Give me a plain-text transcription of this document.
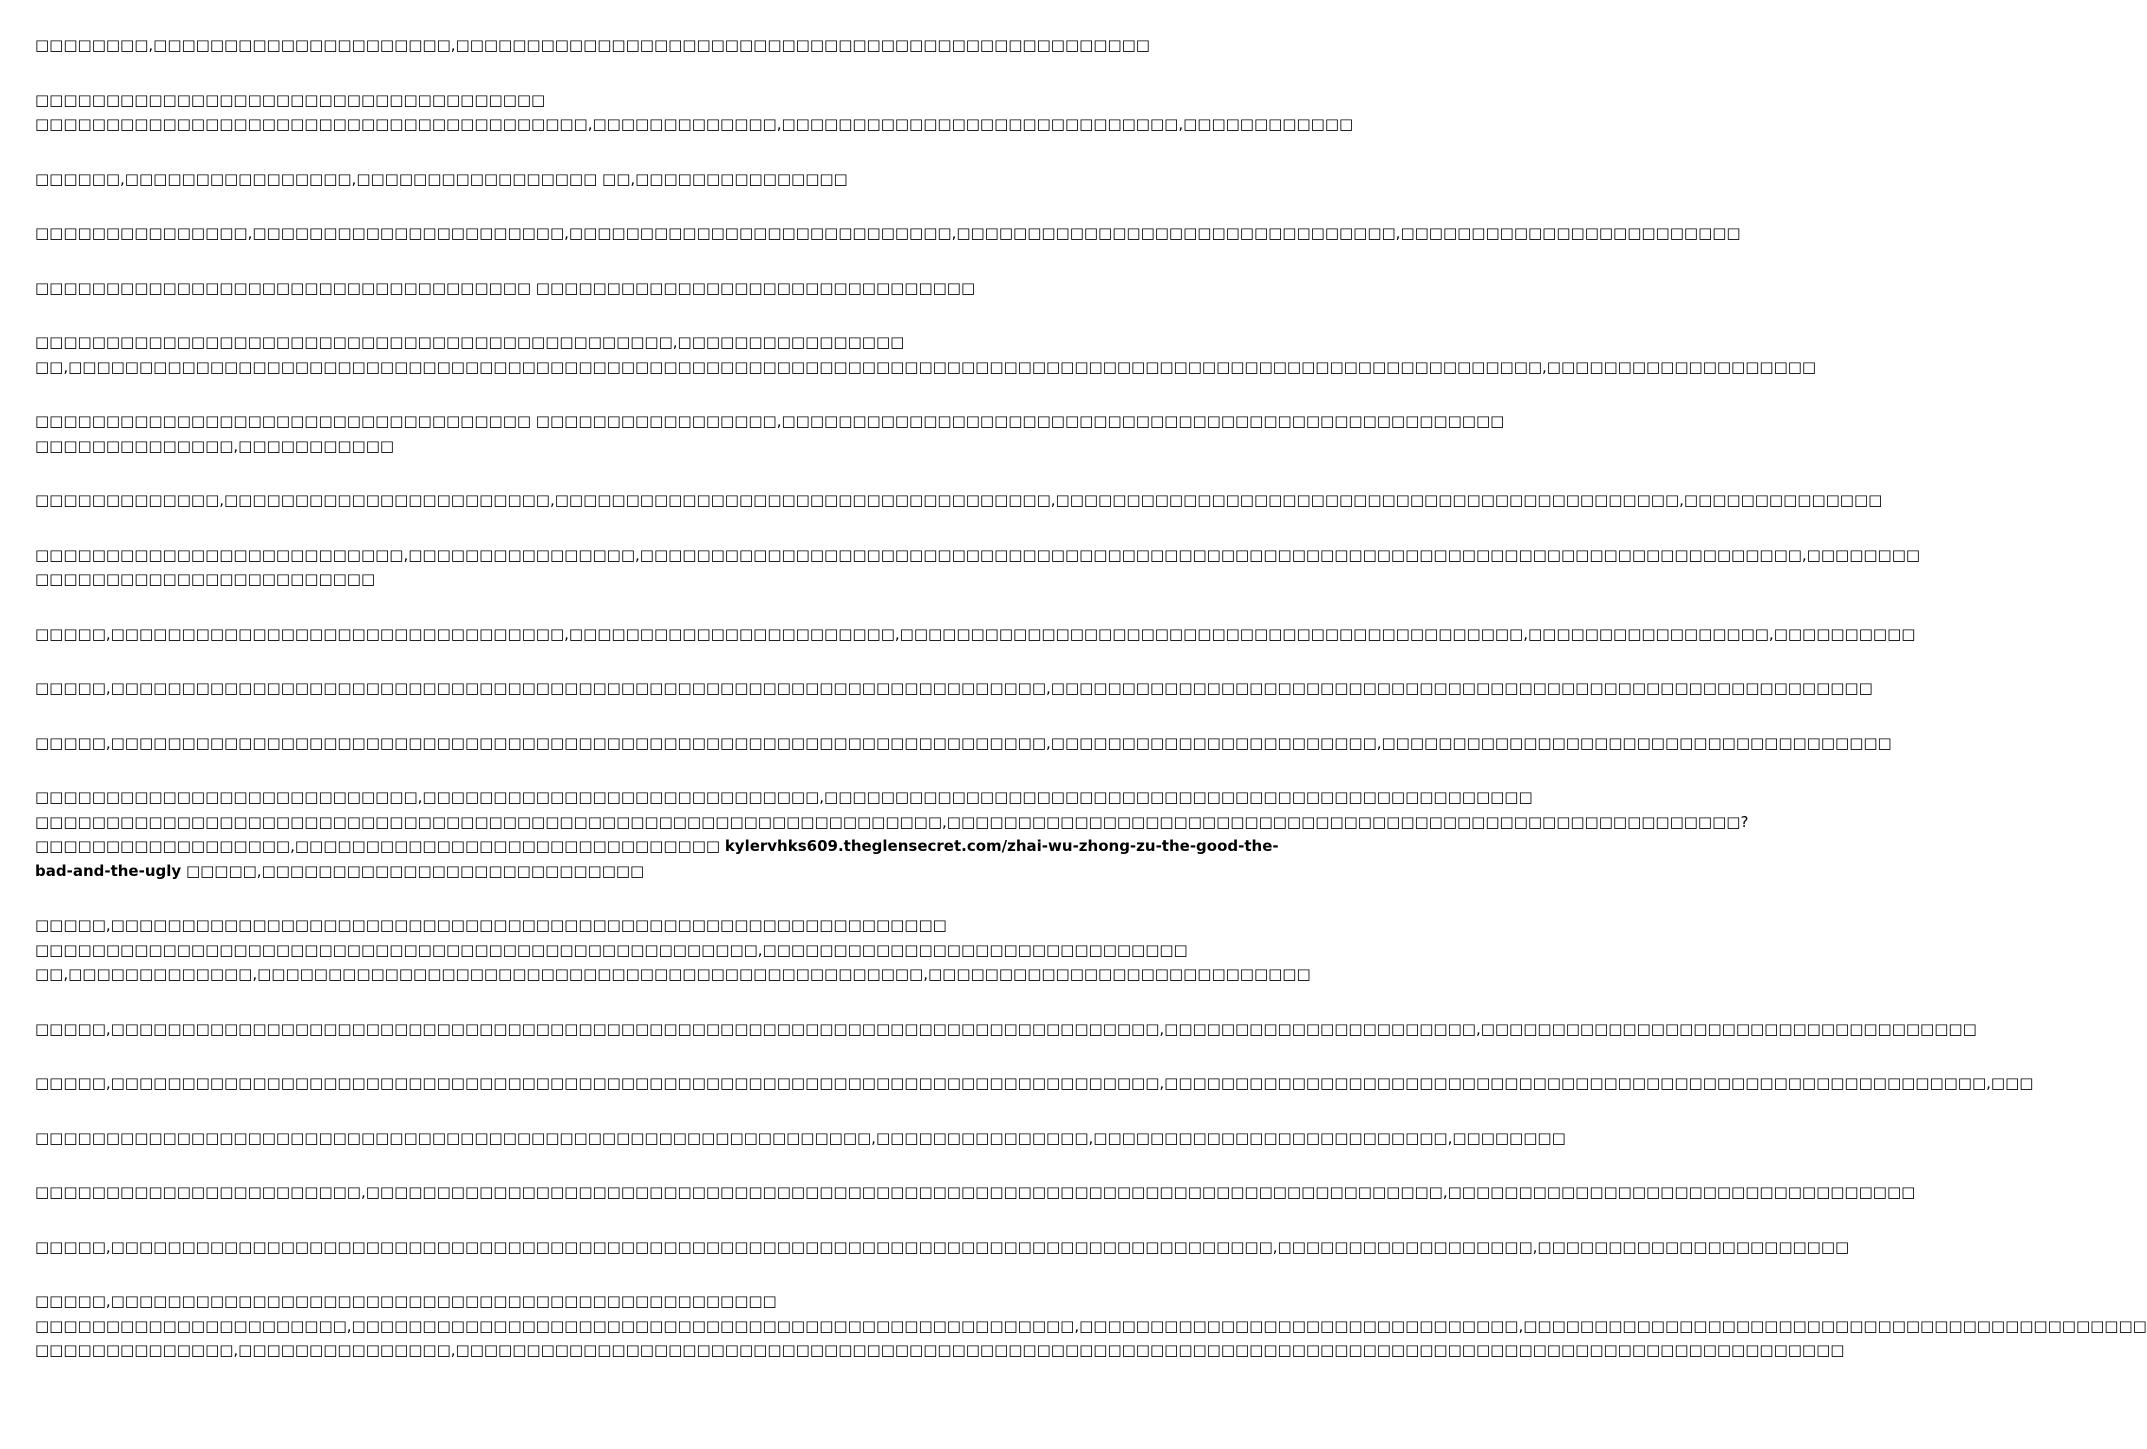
□□□□□□□□,□□□□□□□□□□□□□□□□□□□□□,□□□□□□□□□□□□□□□□□□□□□□□□□□□□□□□□□□□□□□□□□□□□□□□□□
□□□□□□□□□□□□□□□□□□□□□□□□□□□□□□□□□□□□
□□□□□□□□□□□□□□□□□□□□□□□□□□□□□□□□□□□□□□□,□□□□□□□□□□□□□,□□□□□□□□□□□□□□□□□□□□□□□□□□□□,□□□□□□□□□□□□
□□□□□□,□□□□□□□□□□□□□□□□,□□□□□□□□□□□□□□□□□ □□,□□□□□□□□□□□□□□□
□□□□□□□□□□□□□□□,□□□□□□□□□□□□□□□□□□□□□□,□□□□□□□□□□□□□□□□□□□□□□□□□□□,□□□□□□□□□□□□□□□□□□□□□□□□□□□□□□□,□□□□□□□□□□□□□□□□□□□□□□□□
□□□□□□□□□□□□□□□□□□□□□□□□□□□□□□□□□□□ □□□□□□□□□□□□□□□□□□□□□□□□□□□□□□□
□□□□□□□□□□□□□□□□□□□□□□□□□□□□□□□□□□□□□□□□□□□□□,□□□□□□□□□□□□□□□□
□□,□□□□□□□□□□□□□□□□□□□□□□□□□□□□□□□□□□□□□□□□□□□□□□□□□□□□□□□□□□□□□□□□□□□□□□□□□□□□□□□□□□□□□□□□□□□□□□□□□□□□□□□□,□□□□□□□□□□□□□□□□□□□
□□□□□□□□□□□□□□□□□□□□□□□□□□□□□□□□□□□ □□□□□□□□□□□□□□□□□,□□□□□□□□□□□□□□□□□□□□□□□□□□□□□□□□□□□□□□□□□□□□□□□□□□□
□□□□□□□□□□□□□□,□□□□□□□□□□□
□□□□□□□□□□□□□,□□□□□□□□□□□□□□□□□□□□□□□,□□□□□□□□□□□□□□□□□□□□□□□□□□□□□□□□□□□,□□□□□□□□□□□□□□□□□□□□□□□□□□□□□□□□□□□□□□□□□□□□,□□□□□□□□□□□□□□
□□□□□□□□□□□□□□□□□□□□□□□□□□,□□□□□□□□□□□□□□□□,□□□□□□□□□□□□□□□□□□□□□□□□□□□□□□□□□□□□□□□□□□□□□□□□□□□□□□□□□□□□□□□□□□□□□□□□□□□□□□□□□□,□□□□□□□□
□□□□□□□□□□□□□□□□□□□□□□□□
□□□□□,□□□□□□□□□□□□□□□□□□□□□□□□□□□□□□□□,□□□□□□□□□□□□□□□□□□□□□□□,□□□□□□□□□□□□□□□□□□□□□□□□□□□□□□□□□□□□□□□□□□□□,□□□□□□□□□□□□□□□□□,□□□□□□□□□□
□□□□□,□□□□□□□□□□□□□□□□□□□□□□□□□□□□□□□□□□□□□□□□□□□□□□□□□□□□□□□□□□□□□□□□□□,□□□□□□□□□□□□□□□□□□□□□□□□□□□□□□□□□□□□□□□□□□□□□□□□□□□□□□□□□□
□□□□□,□□□□□□□□□□□□□□□□□□□□□□□□□□□□□□□□□□□□□□□□□□□□□□□□□□□□□□□□□□□□□□□□□□,□□□□□□□□□□□□□□□□□□□□□□□,□□□□□□□□□□□□□□□□□□□□□□□□□□□□□□□□□□□□
□□□□□□□□□□□□□□□□□□□□□□□□□□□,□□□□□□□□□□□□□□□□□□□□□□□□□□□□,□□□□□□□□□□□□□□□□□□□□□□□□□□□□□□□□□□□□□□□□□□□□□□□□□□
□□□□□□□□□□□□□□□□□□□□□□□□□□□□□□□□□□□□□□□□□□□□□□□□□□□□□□□□□□□□□□□□,□□□□□□□□□□□□□□□□□□□□□□□□□□□□□□□□□□□□□□□□□□□□□□□□□□□□□□□□?
□□□□□□□□□□□□□□□□□□,□□□□□□□□□□□□□□□□□□□□□□□□□□□□□□ kylervhks609.theglensecret.com/zhai-wu-zhong-zu-the-good-the-
bad-and-the-ugly □□□□□,□□□□□□□□□□□□□□□□□□□□□□□□□□□
□□□□□,□□□□□□□□□□□□□□□□□□□□□□□□□□□□□□□□□□□□□□□□□□□□□□□□□□□□□□□□□□□
□□□□□□□□□□□□□□□□□□□□□□□□□□□□□□□□□□□□□□□□□□□□□□□□□□□,□□□□□□□□□□□□□□□□□□□□□□□□□□□□□□
□□,□□□□□□□□□□□□□,□□□□□□□□□□□□□□□□□□□□□□□□□□□□□□□□□□□□□□□□□□□□□□□,□□□□□□□□□□□□□□□□□□□□□□□□□□□
□□□□□,□□□□□□□□□□□□□□□□□□□□□□□□□□□□□□□□□□□□□□□□□□□□□□□□□□□□□□□□□□□□□□□□□□□□□□□□□□,□□□□□□□□□□□□□□□□□□□□□□,□□□□□□□□□□□□□□□□□□□□□□□□□□□□□□□□□□□
□□□□□,□□□□□□□□□□□□□□□□□□□□□□□□□□□□□□□□□□□□□□□□□□□□□□□□□□□□□□□□□□□□□□□□□□□□□□□□□□,□□□□□□□□□□□□□□□□□□□□□□□□□□□□□□□□□□□□□□□□□□□□□□□□□□□□□□□□□□,□□□
□□□□□□□□□□□□□□□□□□□□□□□□□□□□□□□□□□□□□□□□□□□□□□□□□□□□□□□□□□□,□□□□□□□□□□□□□□□,□□□□□□□□□□□□□□□□□□□□□□□□□,□□□□□□□□
□□□□□□□□□□□□□□□□□□□□□□□,□□□□□□□□□□□□□□□□□□□□□□□□□□□□□□□□□□□□□□□□□□□□□□□□□□□□□□□□□□□□□□□□□□□□□□□□□□□□,□□□□□□□□□□□□□□□□□□□□□□□□□□□□□□□□□
□□□□□,□□□□□□□□□□□□□□□□□□□□□□□□□□□□□□□□□□□□□□□□□□□□□□□□□□□□□□□□□□□□□□□□□□□□□□□□□□□□□□□□□□,□□□□□□□□□□□□□□□□□□,□□□□□□□□□□□□□□□□□□□□□□
□□□□□,□□□□□□□□□□□□□□□□□□□□□□□□□□□□□□□□□□□□□□□□□□□□□□□
□□□□□□□□□□□□□□□□□□□□□□,□□□□□□□□□□□□□□□□□□□□□□□□□□□□□□□□□□□□□□□□□□□□□□□□□□□,□□□□□□□□□□□□□□□□□□□□□□□□□□□□□□□,□□□□□□□□□□□□□□□□□□□□□□□□□□□□□□□□□□□□□□□□□□□□
□□□□□□□□□□□□□□,□□□□□□□□□□□□□□□,□□□□□□□□□□□□□□□□□□□□□□□□□□□□□□□□□□□□□□□□□□□□□□□□□□□□□□□□□□□□□□□□□□□□□□□□□□□□□□□□□□□□□□□□□□□□□□□□□□
